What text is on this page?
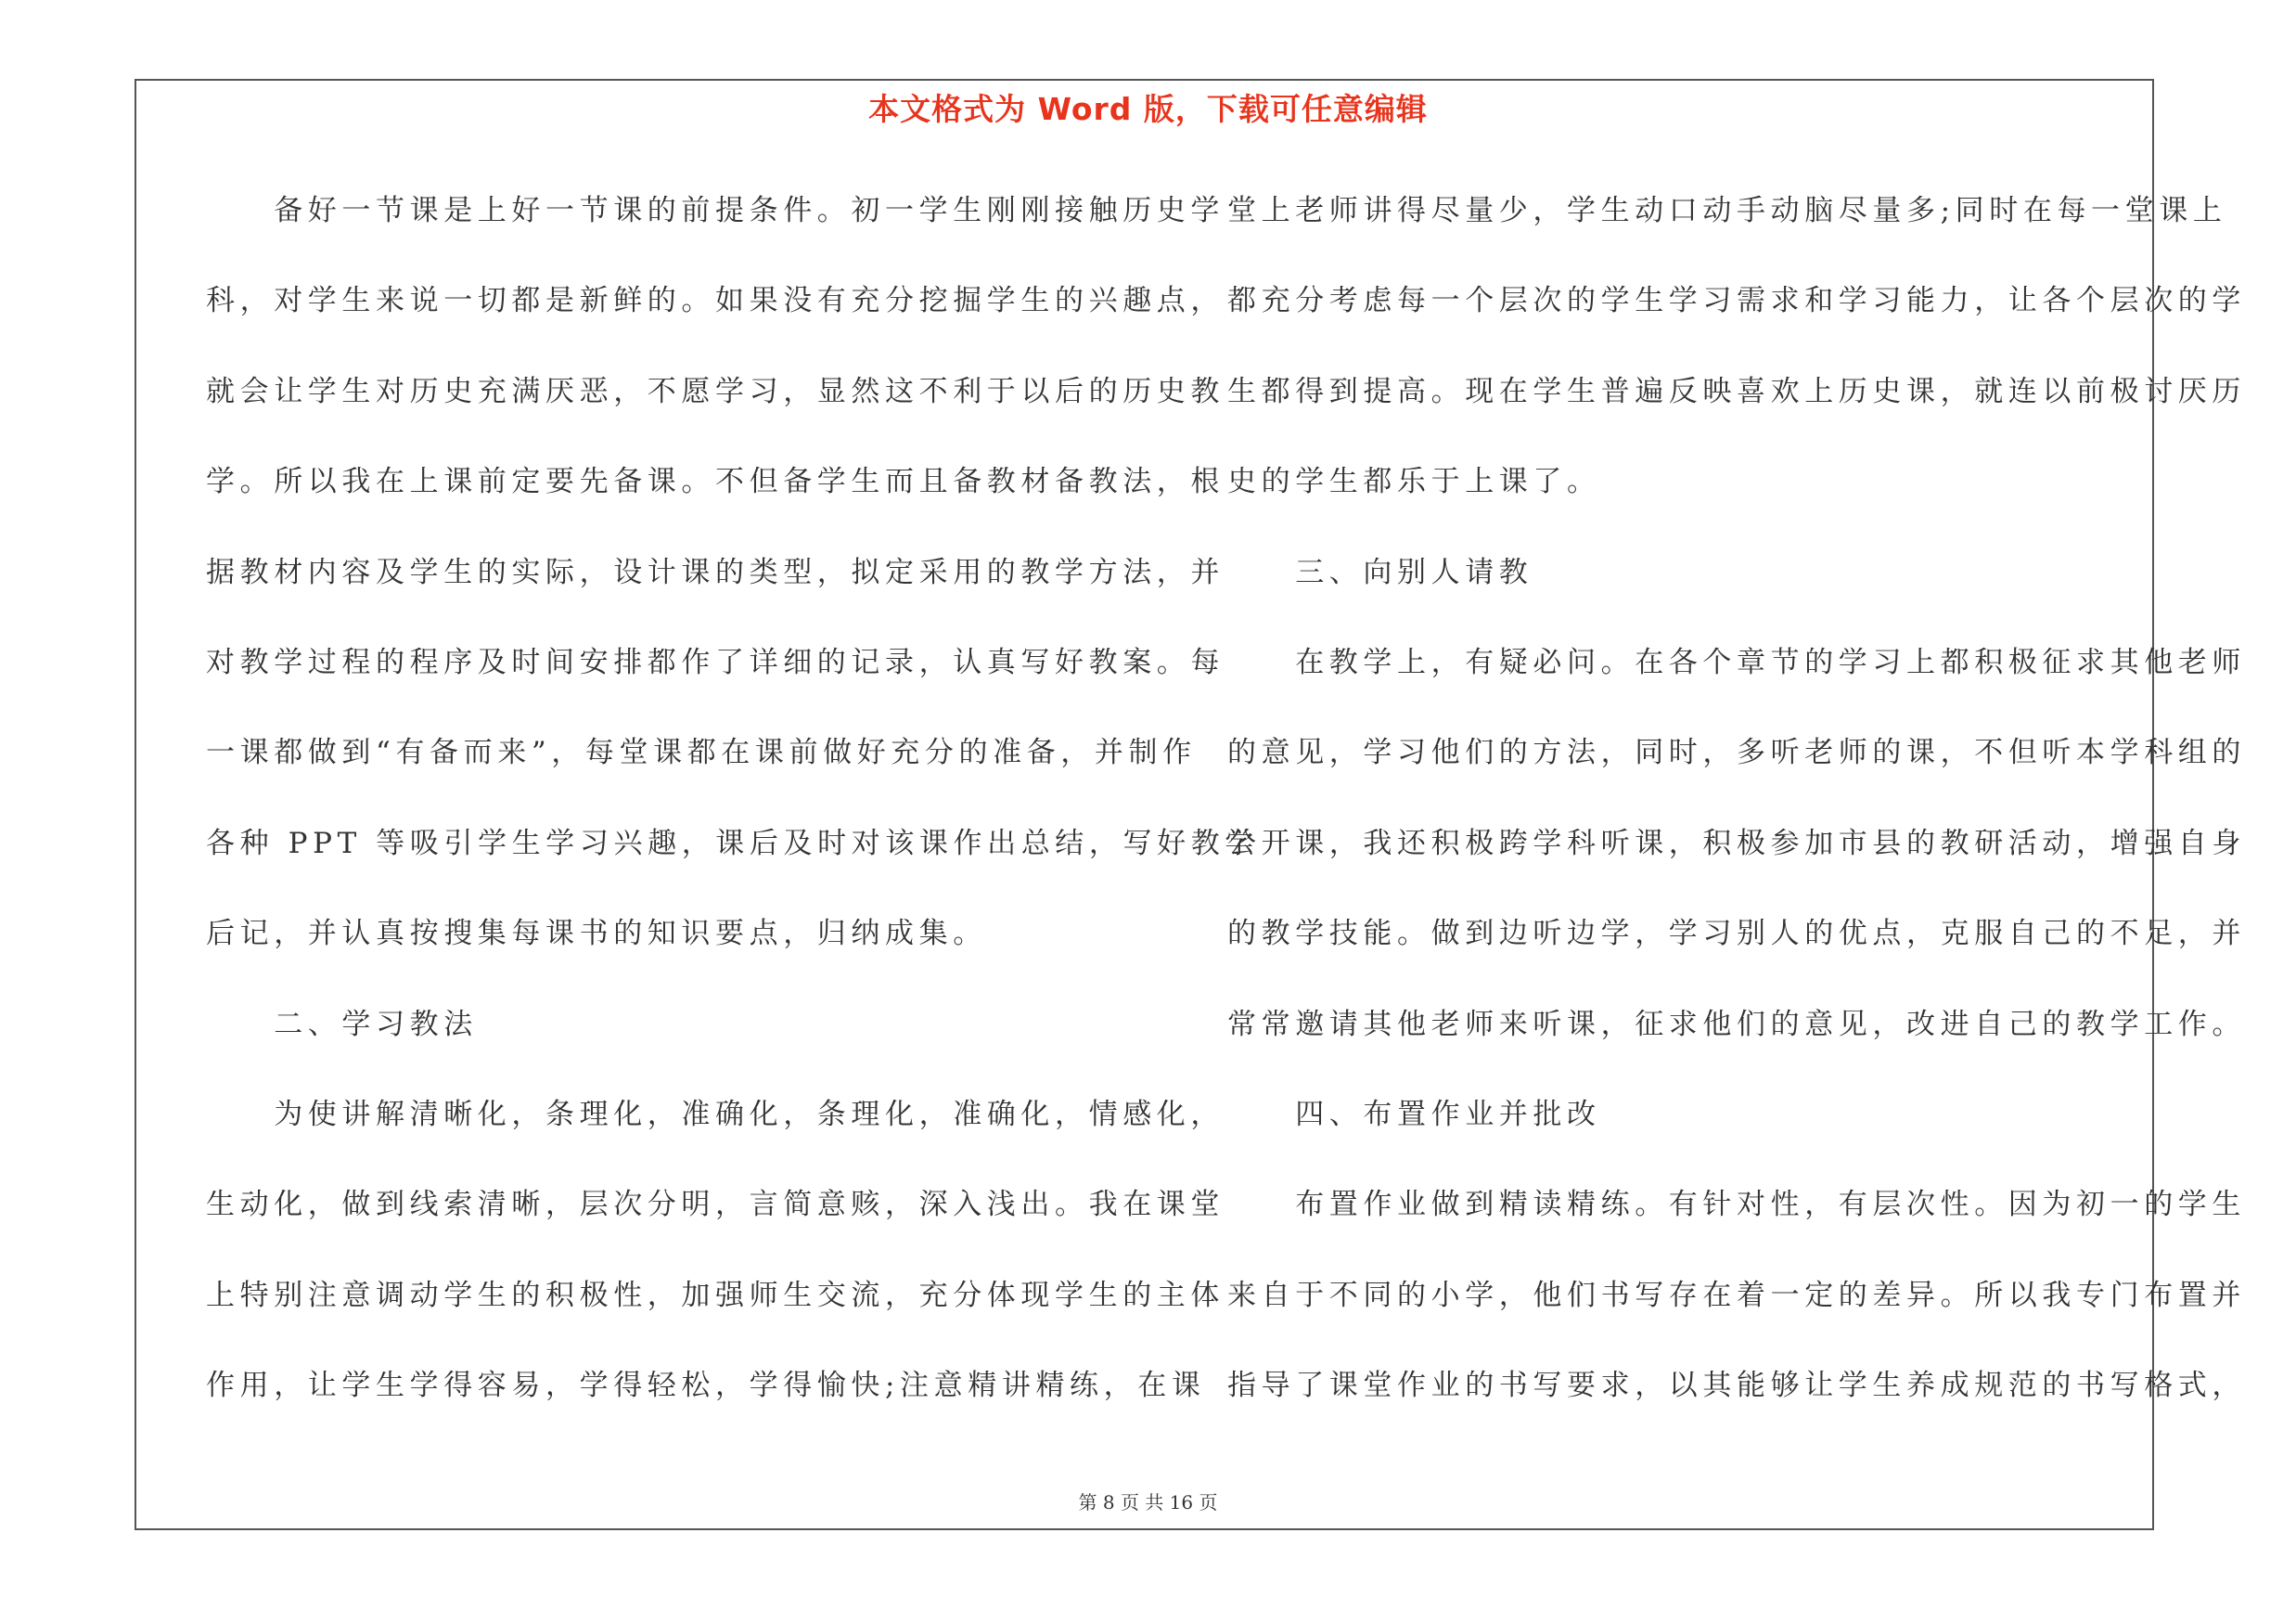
本文格式为 Word 版，下载可任意编辑

　　备好一节课是上好一节课的前提条件。初一学生刚刚接触历史学

科，对学生来说一切都是新鲜的。如果没有充分挖掘学生的兴趣点，

就会让学生对历史充满厌恶，不愿学习，显然这不利于以后的历史教

学。所以我在上课前定要先备课。不但备学生而且备教材备教法，根

据教材内容及学生的实际，设计课的类型，拟定采用的教学方法，并

对教学过程的程序及时间安排都作了详细的记录，认真写好教案。每

一课都做到“有备而来”，每堂课都在课前做好充分的准备，并制作

各种 PPT 等吸引学生学习兴趣，课后及时对该课作出总结，写好教学

后记，并认真按搜集每课书的知识要点，归纳成集。

　　二、学习教法

　　为使讲解清晰化，条理化，准确化，条理化，准确化，情感化，

生动化，做到线索清晰，层次分明，言简意赅，深入浅出。我在课堂

上特别注意调动学生的积极性，加强师生交流，充分体现学生的主体

作用，让学生学得容易，学得轻松，学得愉快;注意精讲精练，在课

堂上老师讲得尽量少，学生动口动手动脑尽量多;同时在每一堂课上

都充分考虑每一个层次的学生学习需求和学习能力，让各个层次的学

生都得到提高。现在学生普遍反映喜欢上历史课，就连以前极讨厌历

史的学生都乐于上课了。

　　三、向别人请教

　　在教学上，有疑必问。在各个章节的学习上都积极征求其他老师

的意见，学习他们的方法，同时，多听老师的课，不但听本学科组的

公开课，我还积极跨学科听课，积极参加市县的教研活动，增强自身

的教学技能。做到边听边学，学习别人的优点，克服自己的不足，并

常常邀请其他老师来听课，征求他们的意见，改进自己的教学工作。

　　四、布置作业并批改

　　布置作业做到精读精练。有针对性，有层次性。因为初一的学生

来自于不同的小学，他们书写存在着一定的差异。所以我专门布置并

指导了课堂作业的书写要求，以其能够让学生养成规范的书写格式，

第 8 页 共 16 页
